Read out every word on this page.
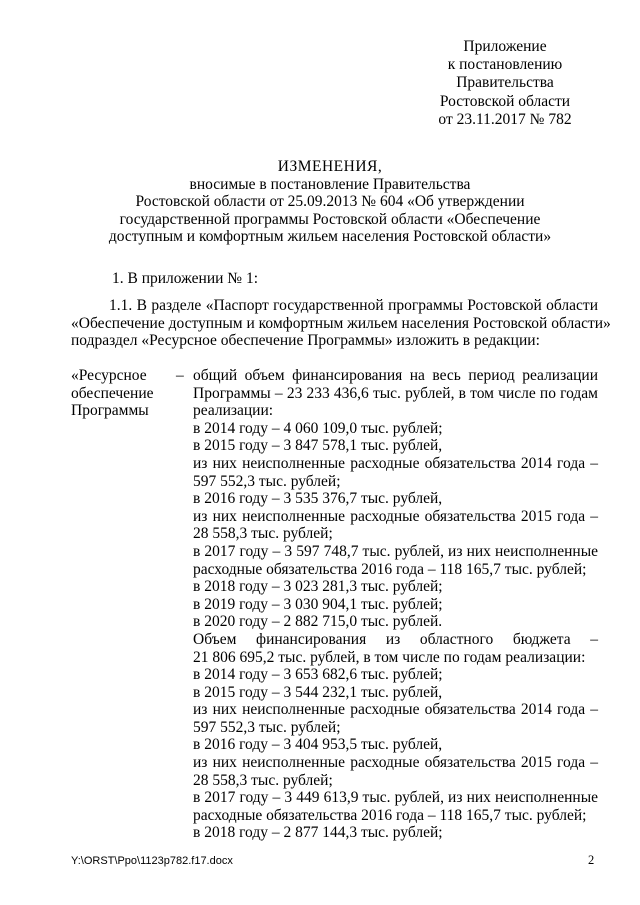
Приложение
к постановлению
Правительства
Ростовской области
от 23.11.2017 № 782
ИЗМЕНЕНИЯ,
вносимые в постановление Правительства
Ростовской области от 25.09.2013 № 604 «Об утверждении
государственной программы Ростовской области «Обеспечение
доступным и комфортным жильем населения Ростовской области»
1. В приложении № 1:
1.1. В разделе «Паспорт государственной программы Ростовской области
«Обеспечение доступным и комфортным жильем населения Ростовской области»
подраздел «Ресурсное обеспечение Программы» изложить в редакции:
«Ресурсное
обеспечение
Программы
– общий объем финансирования на весь период реализации
Программы – 23 233 436,6 тыс. рублей, в том числе по годам
реализации:
в 2014 году – 4 060 109,0 тыс. рублей;
в 2015 году – 3 847 578,1 тыс. рублей,
из них неисполненные расходные обязательства 2014 года –
597 552,3 тыс. рублей;
в 2016 году – 3 535 376,7 тыс. рублей,
из них неисполненные расходные обязательства 2015 года –
28 558,3 тыс. рублей;
в 2017 году – 3 597 748,7 тыс. рублей, из них неисполненные
расходные обязательства 2016 года – 118 165,7 тыс. рублей;
в 2018 году – 3 023 281,3 тыс. рублей;
в 2019 году – 3 030 904,1 тыс. рублей;
в 2020 году – 2 882 715,0 тыс. рублей.
Объем финансирования из областного бюджета –
21 806 695,2 тыс. рублей, в том числе по годам реализации:
в 2014 году – 3 653 682,6 тыс. рублей;
в 2015 году – 3 544 232,1 тыс. рублей,
из них неисполненные расходные обязательства 2014 года –
597 552,3 тыс. рублей;
в 2016 году – 3 404 953,5 тыс. рублей,
из них неисполненные расходные обязательства 2015 года –
28 558,3 тыс. рублей;
в 2017 году – 3 449 613,9 тыс. рублей, из них неисполненные
расходные обязательства 2016 года – 118 165,7 тыс. рублей;
в 2018 году – 2 877 144,3 тыс. рублей;
Y:\ORST\Ppo\1123p782.f17.docx	2
